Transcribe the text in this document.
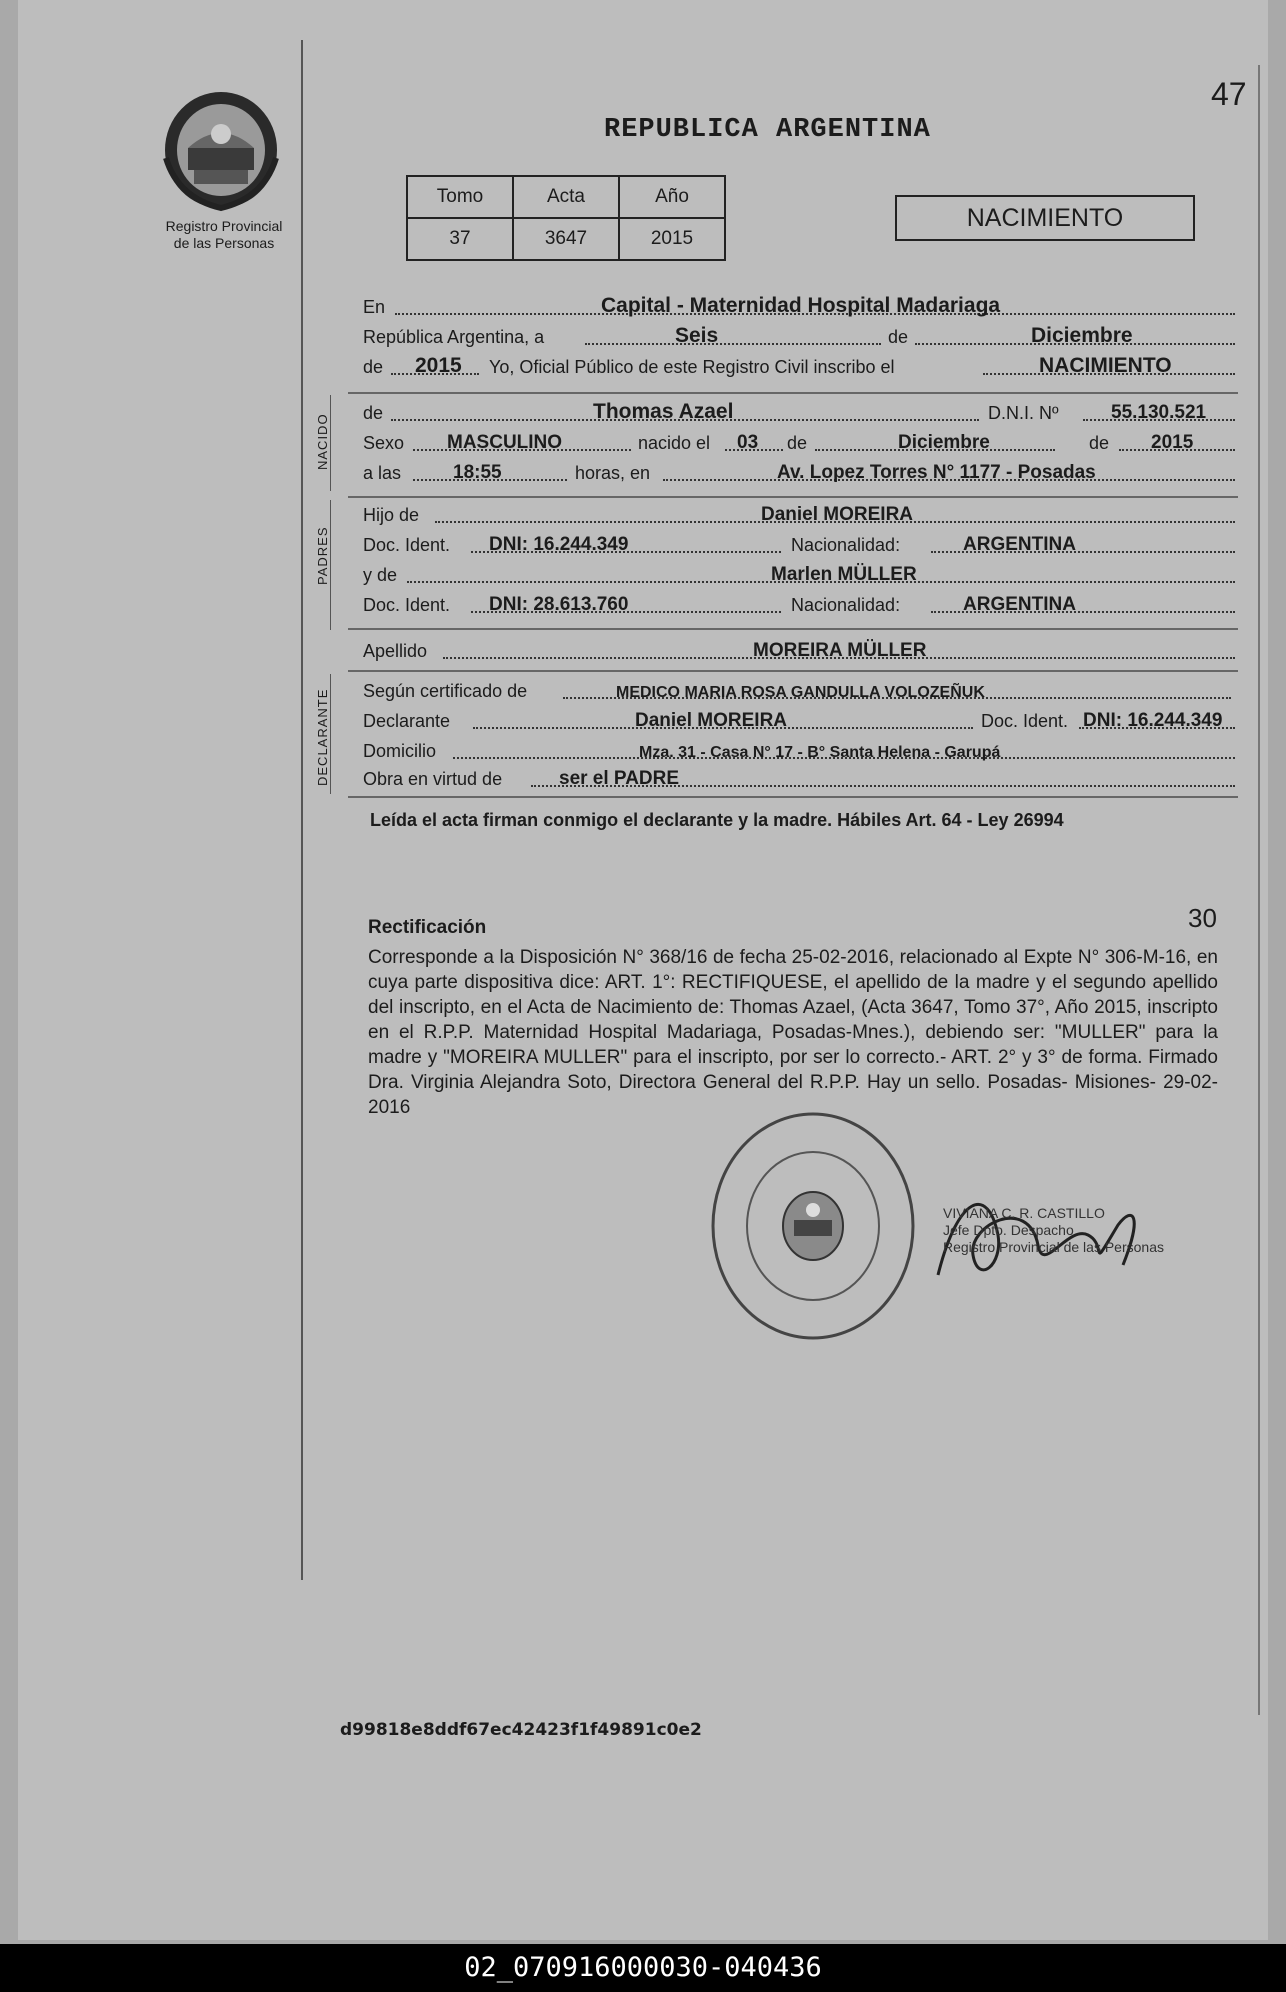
Registro Provincial
de las Personas
47
REPUBLICA ARGENTINA
Tomo	Acta	Año
37	3647	2015
NACIMIENTO
En	Capital - Maternidad Hospital Madariaga
República Argentina, a	Seis	de	Diciembre
de 2015 Yo, Oficial Público de este Registro Civil inscribo el	NACIMIENTO
NACIDO
de	Thomas Azael	D.N.I. Nº	55.130.521
Sexo MASCULINO	nacido el 03 de	Diciembre	de 2015
a las	18:55	horas, en	Av. Lopez Torres N° 1177 - Posadas
PADRES
Hijo de	Daniel MOREIRA
Doc. Ident. DNI: 16.244.349	Nacionalidad:	ARGENTINA
y de	Marlen MÜLLER
Doc. Ident. DNI: 28.613.760	Nacionalidad:	ARGENTINA
Apellido	MOREIRA MÜLLER
DECLARANTE Según certificado de	MEDICO MARIA ROSA GANDULLA VOLOZEÑUK
Declarante	Daniel MOREIRA	Doc. Ident. DNI: 16.244.349
Domicilio	Mza. 31 - Casa N° 17 - B° Santa Helena - Garupá
Obra en virtud de	ser el PADRE
Leída el acta firman conmigo el declarante y la madre. Hábiles Art. 64 - Ley 26994
Rectificación	30
Corresponde a la Disposición N° 368/16 de fecha 25-02-2016, relacionado al Expte N° 306-M-16, en cuya parte dispositiva dice: ART. 1°: RECTIFIQUESE, el apellido de la madre y el segundo apellido del inscripto, en el Acta de Nacimiento de: Thomas Azael, (Acta 3647, Tomo 37°, Año 2015, inscripto en el R.P.P. Maternidad Hospital Madariaga, Posadas-Mnes.), debiendo ser: "MULLER" para la madre y "MOREIRA MULLER" para el inscripto, por ser lo correcto.- ART. 2° y 3° de forma. Firmado Dra. Virginia Alejandra Soto, Directora General del R.P.P. Hay un sello. Posadas- Misiones- 29-02-2016
VIVIANA C. R. CASTILLO
Jefe Dpto. Despacho
Registro Provincial de las Personas
d99818e8ddf67ec42423f1f49891c0e2
02_070916000030-040436
